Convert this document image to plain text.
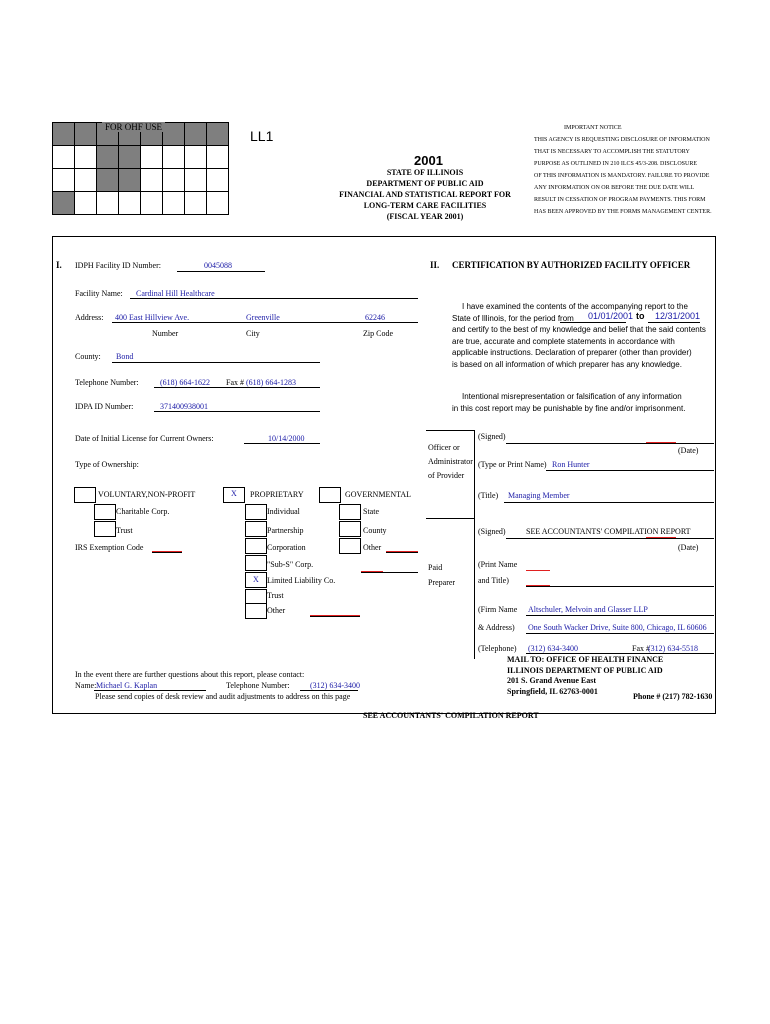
FOR OHF USE
LL1
2001
STATE OF ILLINOIS
DEPARTMENT OF PUBLIC AID
FINANCIAL AND STATISTICAL REPORT FOR
LONG-TERM CARE FACILITIES
(FISCAL YEAR 2001)
IMPORTANT NOTICE
THIS AGENCY IS REQUESTING DISCLOSURE OF INFORMATION
THAT IS NECESSARY TO ACCOMPLISH THE STATUTORY
PURPOSE AS OUTLINED IN 210 ILCS 45/3-208. DISCLOSURE
OF THIS INFORMATION IS MANDATORY. FAILURE TO PROVIDE
ANY INFORMATION ON OR BEFORE THE DUE DATE WILL
RESULT IN CESSATION OF PROGRAM PAYMENTS. THIS FORM
HAS BEEN APPROVED BY THE FORMS MANAGEMENT CENTER.
I. IDPH Facility ID Number:	0045088
Facility Name: Cardinal Hill Healthcare
Address: 400 East Hillview Ave.	Greenville	62246
Number	City	Zip Code
County: Bond
Telephone Number:	(618) 664-1622 Fax # (618) 664-1283
IDPA ID Number:	371400938001
Date of Initial License for Current Owners:	10/14/2000
Type of Ownership:
VOLUNTARY,NON-PROFIT
Charitable Corp.
Trust
IRS Exemption Code
X PROPRIETARY
Individual
Partnership
Corporation
"Sub-S" Corp.
X Limited Liability Co.
Trust
Other
GOVERNMENTAL
State
County
Other
II. CERTIFICATION BY AUTHORIZED FACILITY OFFICER
I have examined the contents of the accompanying report to the
State of Illinois, for the period from
and certify to the best of my knowledge and belief that the said contents
are true, accurate and complete statements in accordance with
applicable instructions. Declaration of preparer (other than provider)
is based on all information of which preparer has any knowledge.
01/01/2001 to 12/31/2001
Intentional misrepresentation or falsification of any information
in this cost report may be punishable by fine and/or imprisonment.
Officer or
Administrator
of Provider
(Signed)
(Date)
(Type or Print Name) Ron Hunter
(Title) Managing Member
Paid
Preparer
(Signed)	SEE ACCOUNTANTS' COMPILATION REPORT
(Date)
(Print Name
and Title)
(Firm Name Altschuler, Melvoin and Glasser LLP
& Address) One South Wacker Drive, Suite 800, Chicago, IL 60606
(Telephone) (312) 634-3400	Fax #
(312) 634-5518
In the event there are further questions about this report, please contact:
Name: Michael G. Kaplan	Telephone Number:	(312) 634-3400
Please send copies of desk review and audit adjustments to address on this page
MAIL TO: OFFICE OF HEALTH FINANCE
ILLINOIS DEPARTMENT OF PUBLIC AID
201 S. Grand Avenue East
Springfield, IL 62763-0001
Phone # (217) 782-1630
SEE ACCOUNTANTS' COMPILATION REPORT
